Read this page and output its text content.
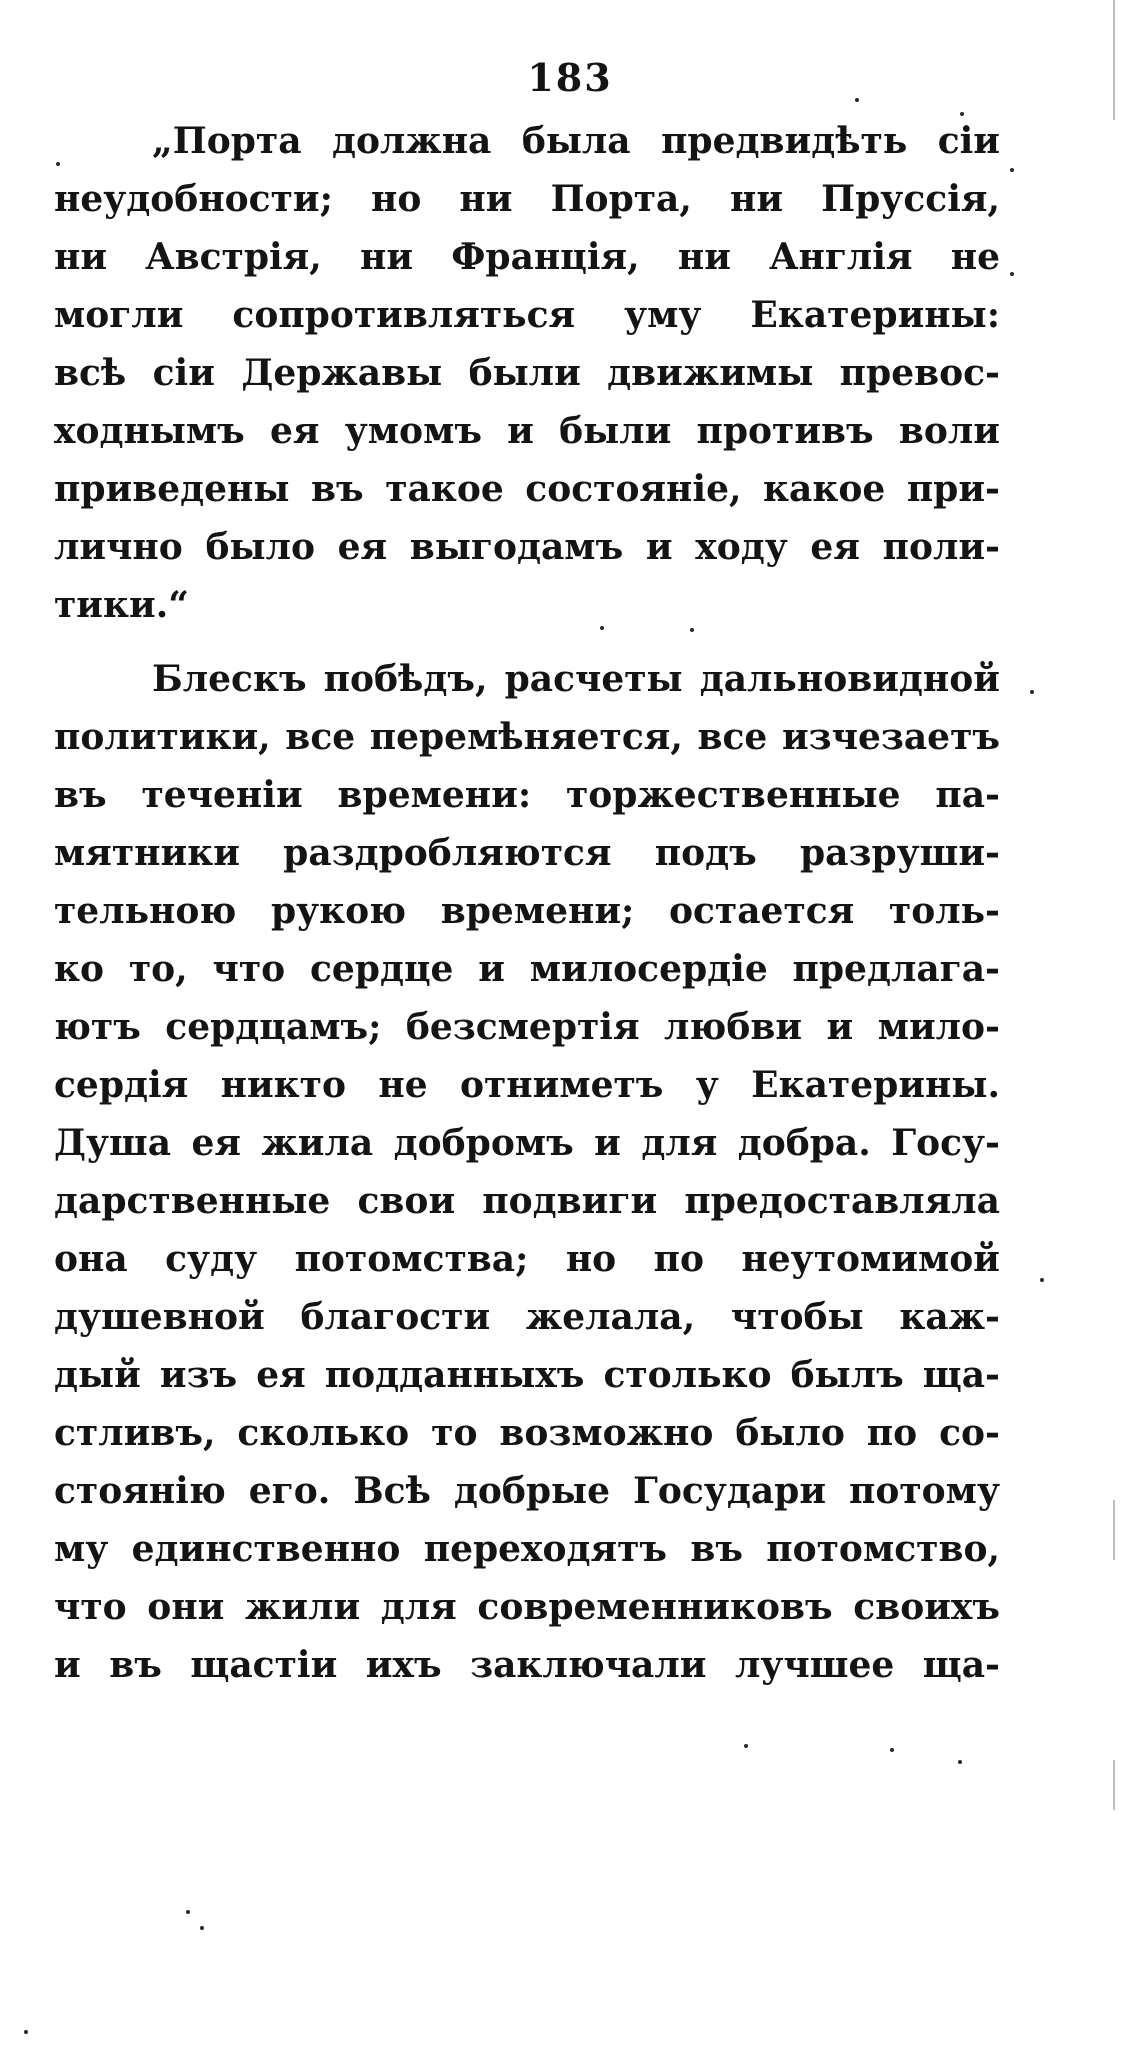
183
„Порта должна была предвидѣть сіи
неудобности; но ни Порта, ни Пруссія,
ни Австрія, ни Франція, ни Англія не
могли сопротивляться уму Екатерины:
всѣ сіи Державы были движимы превос-
ходнымъ ея умомъ и были противъ воли
приведены въ такое состояніе, какое при-
лично было ея выгодамъ и ходу ея поли-
тики.“
Блескъ побѣдъ, расчеты дальновидной
политики, все перемѣняется, все изчезаетъ
въ теченіи времени: торжественные па-
мятники раздробляются подъ разруши-
тельною рукою времени; остается толь-
ко то, что сердце и милосердіе предлага-
ютъ сердцамъ; безсмертія любви и мило-
сердія никто не отниметъ у Екатерины.
Душа ея жила добромъ и для добра. Госу-
дарственные свои подвиги предоставляла
она суду потомства; но по неутомимой
душевной благости желала, чтобы каж-
дый изъ ея подданныхъ столько былъ ща-
стливъ, сколько то возможно было по со-
стоянію его. Всѣ добрые Государи потому
му единственно переходятъ въ потомство,
что они жили для современниковъ своихъ
и въ щастіи ихъ заключали лучшее ща-
